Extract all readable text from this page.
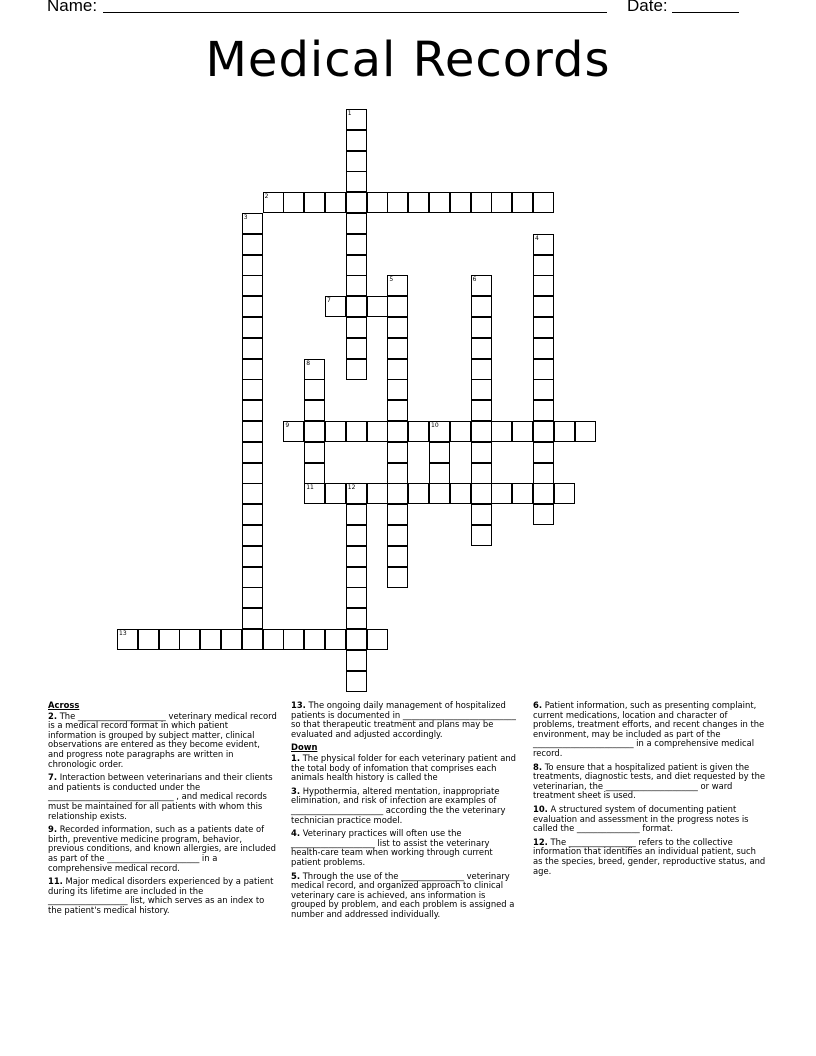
Name:	Date:
Medical Records
1
2
3
4
5	6
7
8
9	10
11	12
13
Across
2. The _____________________ veterinary medical record is a medical record format in which patient information is grouped by subject matter, clinical observations are entered as they become evident, and progress note paragraphs are written in chronologic order.
7. Interaction between veterinarians and their clients and patients is conducted under the ______________________________ , and medical records must be maintained for all patients with whom this relationship exists.
9. Recorded information, such as a patients date of birth, preventive medicine program, behavior, previous conditions, and known allergies, are included as part of the ______________________ in a comprehensive medical record.
11. Major medical disorders experienced by a patient during its lifetime are included in the ___________________ list, which serves as an index to the patient's medical history.
13. The ongoing daily management of hospitalized patients is documented in ___________________________ so that therapeutic treatment and plans may be evaluated and adjusted accordingly.
Down
1. The physical folder for each veterinary patient and the total body of infomation that comprises each animals health history is called the
3. Hypothermia, altered mentation, inappropriate elimination, and risk of infection are examples of ______________________ according the the veterinary technician practice model.
4. Veterinary practices will often use the ____________________ list to assist the veterinary health-care team when working through current patient problems.
5. Through the use of the _______________ veterinary medical record, and organized approach to clinical veterinary care is achieved, ans information is grouped by problem, and each problem is assigned a number and addressed individually.
6. Patient information, such as presenting complaint, current medications, location and character of problems, treatment efforts, and recent changes in the environment, may be included as part of the ________________________ in a comprehensive medical record.
8. To ensure that a hospitalized patient is given the treatments, diagnostic tests, and diet requested by the veterinarian, the ______________________ or ward treatment sheet is used.
10. A structured system of documenting patient evaluation and assessment in the progress notes is called the _______________ format.
12. The ________________ refers to the collective information that identifies an individual patient, such as the species, breed, gender, reproductive status, and age.
